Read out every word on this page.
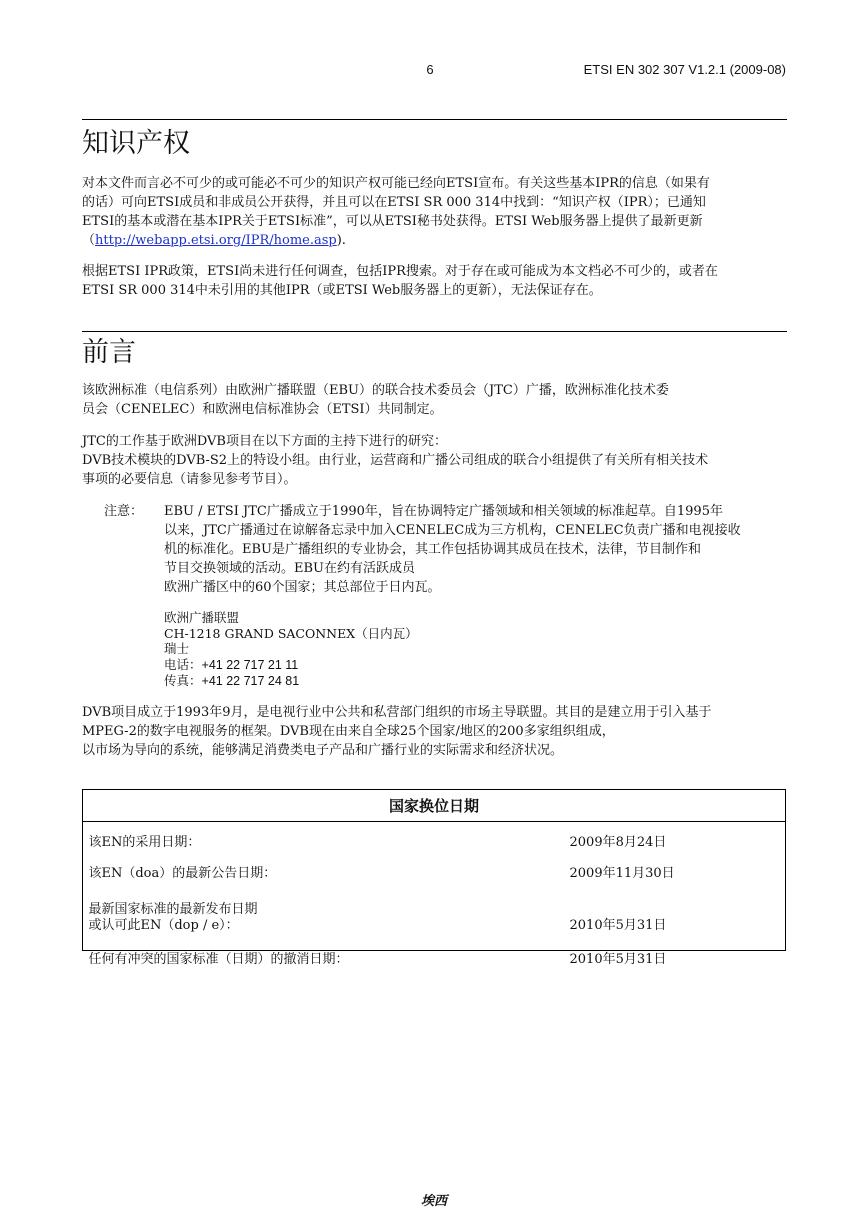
6	ETSI EN 302 307 V1.2.1 (2009-08)
知识产权
对本文件而言必不可少的或可能必不可少的知识产权可能已经向ETSI宣布。有关这些基本IPR的信息（如果有
的话）可向ETSI成员和非成员公开获得，并且可以在ETSI SR 000 314中找到：“知识产权（IPR）；已通知
ETSI的基本或潜在基本IPR关于ETSI标准”，可以从ETSI秘书处获得。ETSI Web服务器上提供了最新更新
（http://webapp.etsi.org/IPR/home.asp).
根据ETSI IPR政策，ETSI尚未进行任何调查，包括IPR搜索。对于存在或可能成为本文档必不可少的，或者在
ETSI SR 000 314中未引用的其他IPR（或ETSI Web服务器上的更新），无法保证存在。
前言
该欧洲标准（电信系列）由欧洲广播联盟（EBU）的联合技术委员会（JTC）广播，欧洲标准化技术委
员会（CENELEC）和欧洲电信标准协会（ETSI）共同制定。
JTC的工作基于欧洲DVB项目在以下方面的主持下进行的研究：
DVB技术模块的DVB-S2上的特设小组。由行业，运营商和广播公司组成的联合小组提供了有关所有相关技术
事项的必要信息（请参见参考节目）。
注意： EBU / ETSI JTC广播成立于1990年，旨在协调特定广播领域和相关领域的标准起草。自1995年
以来，JTC广播通过在谅解备忘录中加入CENELEC成为三方机构，CENELEC负责广播和电视接收
机的标准化。EBU是广播组织的专业协会，其工作包括协调其成员在技术，法律，节目制作和
节目交换领域的活动。EBU在约有活跃成员
欧洲广播区中的60个国家；其总部位于日内瓦。
欧洲广播联盟
CH-1218 GRAND SACONNEX（日内瓦）
瑞士
电话：+41 22 717 21 11
传真：+41 22 717 24 81
DVB项目成立于1993年9月，是电视行业中公共和私营部门组织的市场主导联盟。其目的是建立用于引入基于
MPEG-2的数字电视服务的框架。DVB现在由来自全球25个国家/地区的200多家组织组成，
以市场为导向的系统，能够满足消费类电子产品和广播行业的实际需求和经济状况。
国家换位日期	
该EN的采用日期：	2009年8月24日
该EN（doa）的最新公告日期：	2009年11月30日

最新国家标准的最新发布日期
或认可此EN（dop / e）：	2010年5月31日
任何有冲突的国家标准（日期）的撤消日期：	2010年5月31日
埃西
